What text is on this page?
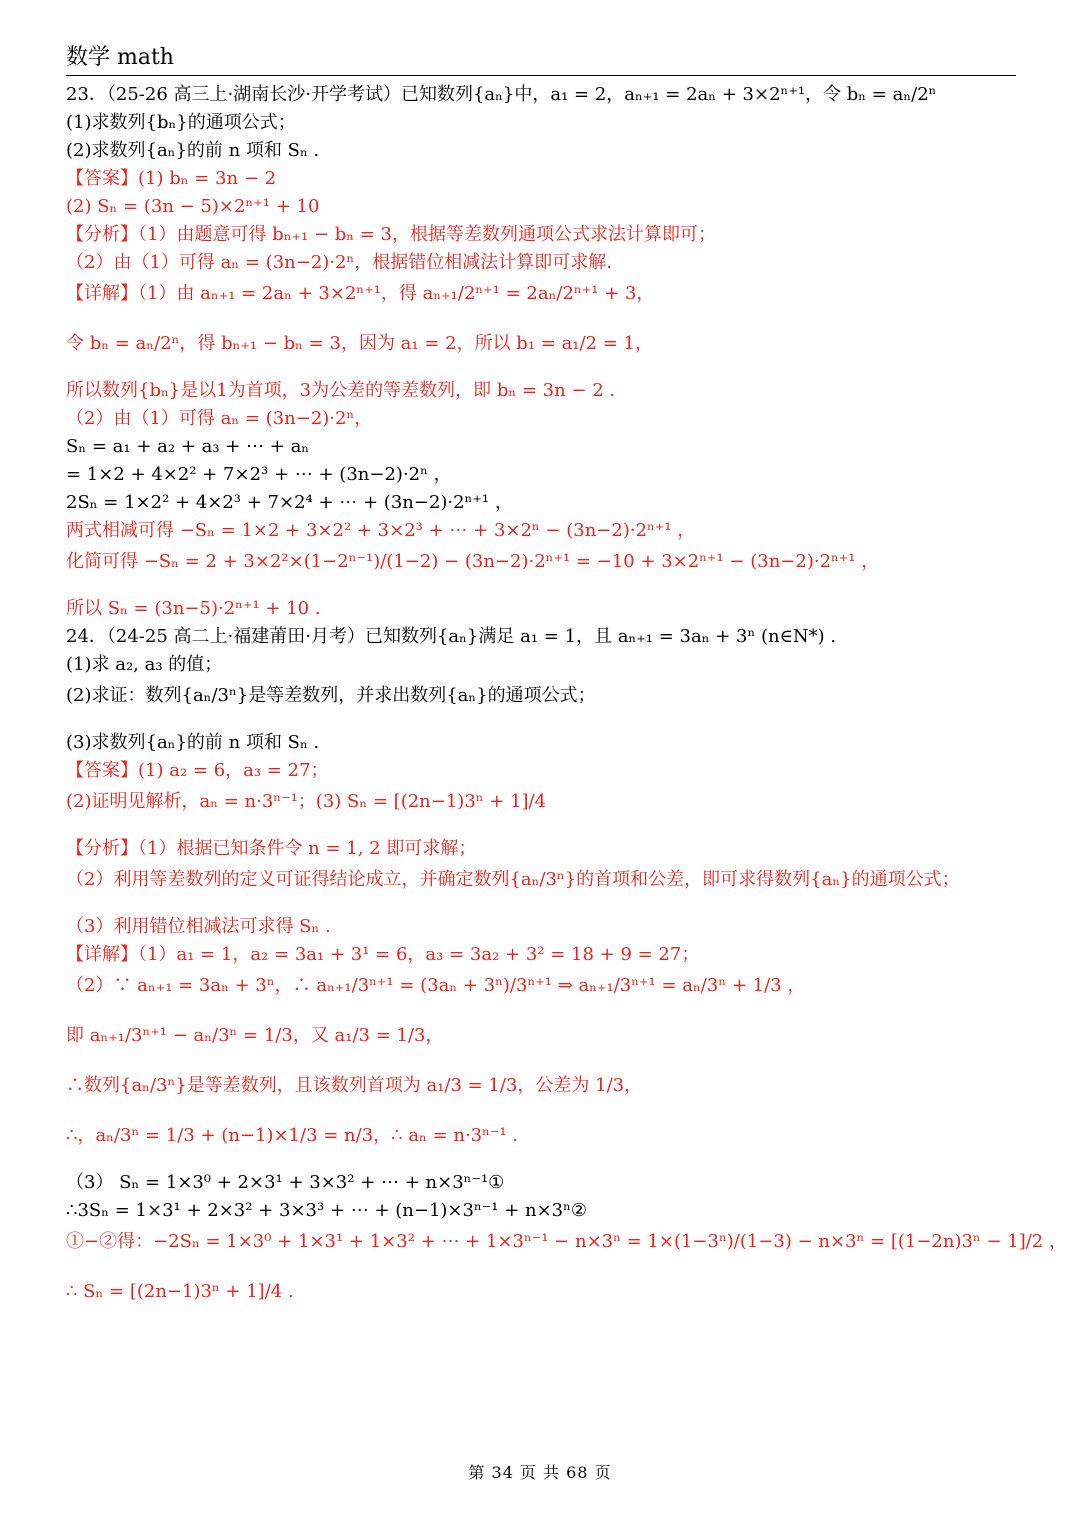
数学 math
23．（25-26 高三上·湖南长沙·开学考试）已知数列{aₙ}中，a₁ = 2，aₙ₊₁ = 2aₙ + 3×2ⁿ⁺¹，令 bₙ = aₙ/2ⁿ
(1)求数列{bₙ}的通项公式；
(2)求数列{aₙ}的前 n 项和 Sₙ .
【答案】(1) bₙ = 3n − 2
(2) Sₙ = (3n − 5)×2ⁿ⁺¹ + 10
【分析】（1）由题意可得 bₙ₊₁ − bₙ = 3，根据等差数列通项公式求法计算即可；
（2）由（1）可得 aₙ = (3n−2)·2ⁿ，根据错位相减法计算即可求解.
【详解】（1）由 aₙ₊₁ = 2aₙ + 3×2ⁿ⁺¹，得 aₙ₊₁/2ⁿ⁺¹ = 2aₙ/2ⁿ⁺¹ + 3，
令 bₙ = aₙ/2ⁿ，得 bₙ₊₁ − bₙ = 3，因为 a₁ = 2，所以 b₁ = a₁/2 = 1，
所以数列{bₙ}是以1为首项，3为公差的等差数列，即 bₙ = 3n − 2 .
（2）由（1）可得 aₙ = (3n−2)·2ⁿ，
Sₙ = a₁ + a₂ + a₃ + ⋯ + aₙ
= 1×2 + 4×2² + 7×2³ + ⋯ + (3n−2)·2ⁿ ，
2Sₙ = 1×2² + 4×2³ + 7×2⁴ + ⋯ + (3n−2)·2ⁿ⁺¹ ，
两式相减可得 −Sₙ = 1×2 + 3×2² + 3×2³ + ⋯ + 3×2ⁿ − (3n−2)·2ⁿ⁺¹ ，
化简可得 −Sₙ = 2 + 3×2²×(1−2ⁿ⁻¹)/(1−2) − (3n−2)·2ⁿ⁺¹ = −10 + 3×2ⁿ⁺¹ − (3n−2)·2ⁿ⁺¹ ，
所以 Sₙ = (3n−5)·2ⁿ⁺¹ + 10 .
24．（24-25 高二上·福建莆田·月考）已知数列{aₙ}满足 a₁ = 1，且 aₙ₊₁ = 3aₙ + 3ⁿ (n∈N*) .
(1)求 a₂, a₃ 的值；
(2)求证：数列{aₙ/3ⁿ}是等差数列，并求出数列{aₙ}的通项公式；
(3)求数列{aₙ}的前 n 项和 Sₙ .
【答案】(1) a₂ = 6，a₃ = 27；
(2)证明见解析，aₙ = n·3ⁿ⁻¹；(3) Sₙ = [(2n−1)3ⁿ + 1]/4
【分析】（1）根据已知条件令 n = 1, 2 即可求解；
（2）利用等差数列的定义可证得结论成立，并确定数列{aₙ/3ⁿ}的首项和公差，即可求得数列{aₙ}的通项公式；
（3）利用错位相减法可求得 Sₙ .
【详解】（1）a₁ = 1，a₂ = 3a₁ + 3¹ = 6，a₃ = 3a₂ + 3² = 18 + 9 = 27；
（2）∵ aₙ₊₁ = 3aₙ + 3ⁿ，∴ aₙ₊₁/3ⁿ⁺¹ = (3aₙ + 3ⁿ)/3ⁿ⁺¹ ⇒ aₙ₊₁/3ⁿ⁺¹ = aₙ/3ⁿ + 1/3 ，
即 aₙ₊₁/3ⁿ⁺¹ − aₙ/3ⁿ = 1/3，又 a₁/3 = 1/3，
∴数列{aₙ/3ⁿ}是等差数列，且该数列首项为 a₁/3 = 1/3，公差为 1/3，
∴，aₙ/3ⁿ = 1/3 + (n−1)×1/3 = n/3，∴ aₙ = n·3ⁿ⁻¹ .
（3） Sₙ = 1×3⁰ + 2×3¹ + 3×3² + ⋯ + n×3ⁿ⁻¹①
∴3Sₙ = 1×3¹ + 2×3² + 3×3³ + ⋯ + (n−1)×3ⁿ⁻¹ + n×3ⁿ②
①−②得：−2Sₙ = 1×3⁰ + 1×3¹ + 1×3² + ⋯ + 1×3ⁿ⁻¹ − n×3ⁿ = 1×(1−3ⁿ)/(1−3) − n×3ⁿ = [(1−2n)3ⁿ − 1]/2 ，
∴ Sₙ = [(2n−1)3ⁿ + 1]/4 .
第 34 页 共 68 页
